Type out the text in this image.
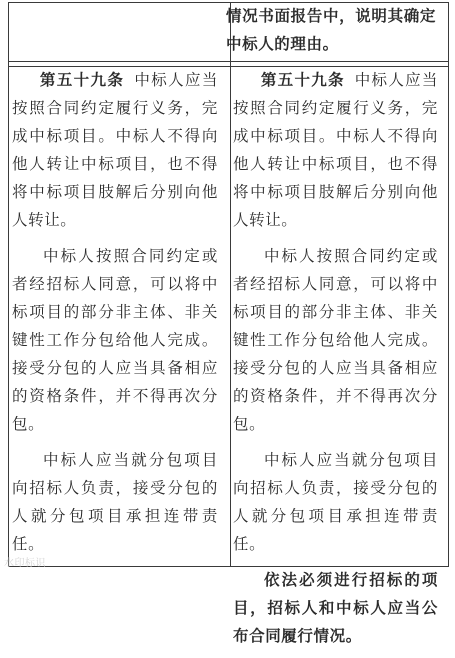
情况书面报告中，说明其确定中标人的理由。
第五十九条 中标人应当按照合同约定履行义务，完成中标项目。中标人不得向他人转让中标项目，也不得将中标项目肢解后分别向他人转让。
中标人按照合同约定或者经招标人同意，可以将中标项目的部分非主体、非关键性工作分包给他人完成。接受分包的人应当具备相应的资格条件，并不得再次分包。
中标人应当就分包项目向招标人负责，接受分包的人就分包项目承担连带责任。
第五十九条 中标人应当按照合同约定履行义务，完成中标项目。中标人不得向他人转让中标项目，也不得将中标项目肢解后分别向他人转让。
中标人按照合同约定或者经招标人同意，可以将中标项目的部分非主体、非关键性工作分包给他人完成。接受分包的人应当具备相应的资格条件，并不得再次分包。
中标人应当就分包项目向招标人负责，接受分包的人就分包项目承担连带责任。
依法必须进行招标的项目，招标人和中标人应当公布合同履行情况。
水印标识
